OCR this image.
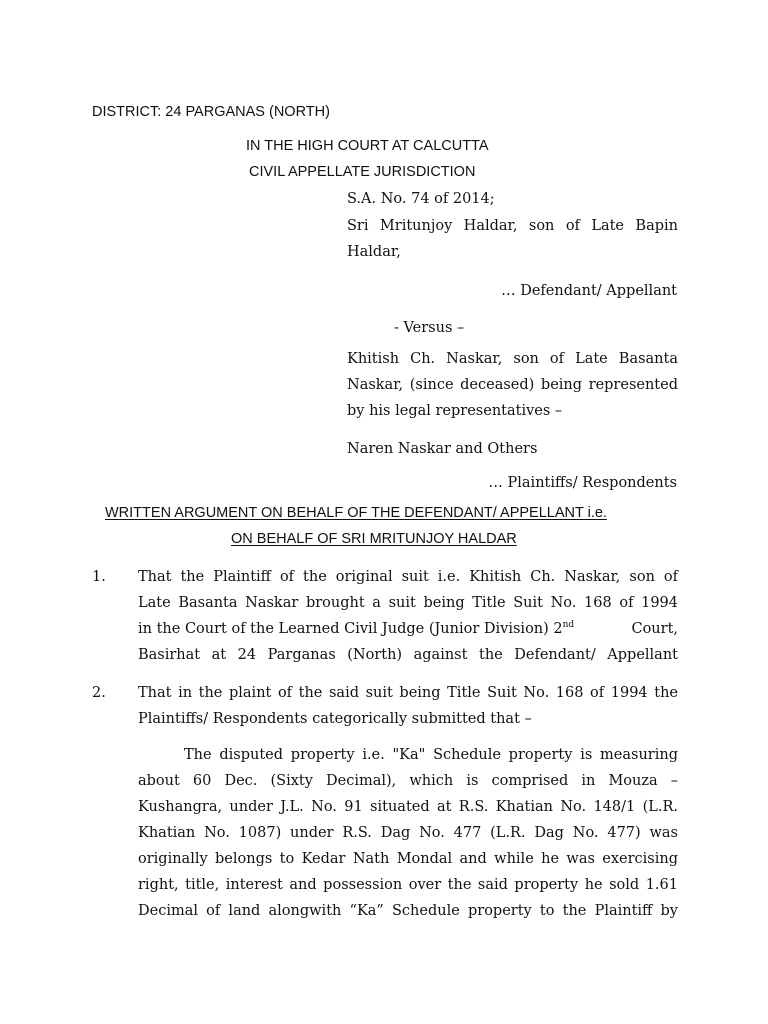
DISTRICT: 24 PARGANAS (NORTH)
IN THE HIGH COURT AT CALCUTTA
CIVIL APPELLATE JURISDICTION
S.A. No. 74 of 2014;
Sri Mritunjoy Haldar, son of Late Bapin
Haldar,
… Defendant/ Appellant
- Versus –
Khitish Ch. Naskar, son of Late Basanta
Naskar, (since deceased) being represented
by his legal representatives –
Naren Naskar and Others
… Plaintiffs/ Respondents
WRITTEN ARGUMENT ON BEHALF OF THE DEFENDANT/ APPELLANT i.e.
ON BEHALF OF SRI MRITUNJOY HALDAR
1. That the Plaintiff of the original suit i.e. Khitish Ch. Naskar, son of
Late Basanta Naskar brought a suit being Title Suit No. 168 of 1994
in the Court of the Learned Civil Judge (Junior Division) 2nd	Court,
Basirhat at 24 Parganas (North) against the Defendant/ Appellant
2. That in the plaint of the said suit being Title Suit No. 168 of 1994 the
Plaintiffs/ Respondents categorically submitted that –
The disputed property i.e. "Ka" Schedule property is measuring
about 60 Dec. (Sixty Decimal), which is comprised in Mouza –
Kushangra, under J.L. No. 91 situated at R.S. Khatian No. 148/1 (L.R.
Khatian No. 1087) under R.S. Dag No. 477 (L.R. Dag No. 477) was
originally belongs to Kedar Nath Mondal and while he was exercising
right, title, interest and possession over the said property he sold 1.61
Decimal of land alongwith “Ka” Schedule property to the Plaintiff by
